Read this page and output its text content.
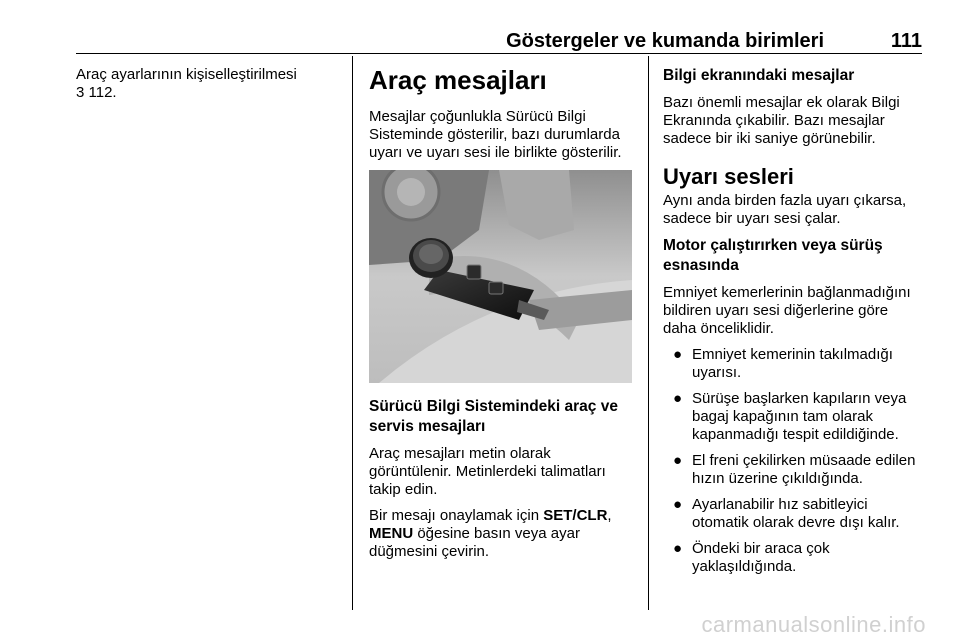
Göstergeler ve kumanda birimleri	111

Araç ayarlarının kişiselleştirilmesi
3 112.	Araç mesajları

Mesajlar çoğunlukla Sürücü Bilgi Sisteminde gösterilir, bazı durumlarda uyarı ve uyarı sesi ile birlikte gösterilir.

Sürücü Bilgi Sistemindeki araç ve servis mesajları

Araç mesajları metin olarak görüntülenir. Metinlerdeki talimatları takip edin.

Bir mesajı onaylamak için SET/CLR, MENU öğesine basın veya ayar düğmesini çevirin.

Bilgi ekranındaki mesajlar

Bazı önemli mesajlar ek olarak Bilgi Ekranında çıkabilir. Bazı mesajlar sadece bir iki saniye görünebilir.

Uyarı sesleri

Aynı anda birden fazla uyarı çıkarsa, sadece bir uyarı sesi çalar.

Motor çalıştırırken veya sürüş esnasında

Emniyet kemerlerinin bağlanmadığını bildiren uyarı sesi diğerlerine göre daha önceliklidir.

● Emniyet kemerinin takılmadığı uyarısı.
● Sürüşe başlarken kapıların veya bagaj kapağının tam olarak kapanmadığı tespit edildiğinde.
● El freni çekilirken müsaade edilen hızın üzerine çıkıldığında.
● Ayarlanabilir hız sabitleyici otomatik olarak devre dışı kalır.
● Öndeki bir araca çok yaklaşıldığında.
carmanualsonline.info
